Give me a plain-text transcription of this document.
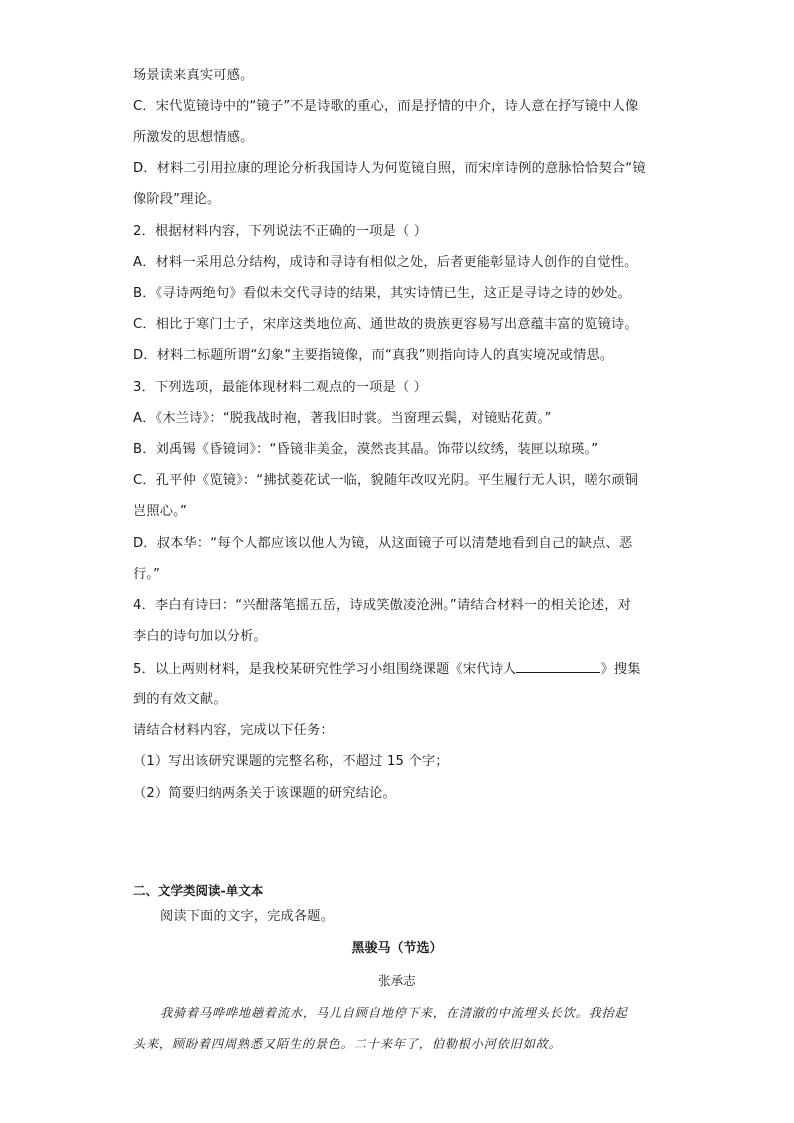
场景读来真实可感。
C．宋代览镜诗中的“镜子”不是诗歌的重心，而是抒情的中介，诗人意在抒写镜中人像
所激发的思想情感。
D．材料二引用拉康的理论分析我国诗人为何览镜自照，而宋庠诗例的意脉恰恰契合“镜
像阶段”理论。
2．根据材料内容，下列说法不正确的一项是（ ）
A．材料一采用总分结构，成诗和寻诗有相似之处，后者更能彰显诗人创作的自觉性。
B．《寻诗两绝句》看似未交代寻诗的结果，其实诗情已生，这正是寻诗之诗的妙处。
C．相比于寒门士子，宋庠这类地位高、通世故的贵族更容易写出意蕴丰富的览镜诗。
D．材料二标题所谓“幻象”主要指镜像，而“真我”则指向诗人的真实境况或情思。
3．下列选项，最能体现材料二观点的一项是（ ）
A．《木兰诗》：“脱我战时袍，著我旧时裳。当窗理云鬓，对镜贴花黄。”
B．刘禹锡《昏镜词》：“昏镜非美金，漠然丧其晶。饰带以纹绣，装匣以琼瑛。”
C．孔平仲《览镜》：“拂拭菱花试一临，貌随年改叹光阴。平生履行无人识，嗟尔顽铜
岂照心。”
D．叔本华：“每个人都应该以他人为镜，从这面镜子可以清楚地看到自己的缺点、恶
行。”
4．李白有诗曰：“兴酣落笔摇五岳，诗成笑傲凌沧洲。”请结合材料一的相关论述，对
李白的诗句加以分析。
5．以上两则材料，是我校某研究性学习小组围绕课题《宋代诗人	》搜集
到的有效文献。
请结合材料内容，完成以下任务：
（1）写出该研究课题的完整名称，不超过 15 个字；
（2）简要归纳两条关于该课题的研究结论。
二、文学类阅读-单文本
阅读下面的文字，完成各题。
黑骏马（节选）
张承志
我骑着马哗哗地趟着流水，马儿自顾自地停下来，在清澈的中流埋头长饮。我抬起
头来，顾盼着四周熟悉又陌生的景色。二十来年了，伯勒根小河依旧如故。
